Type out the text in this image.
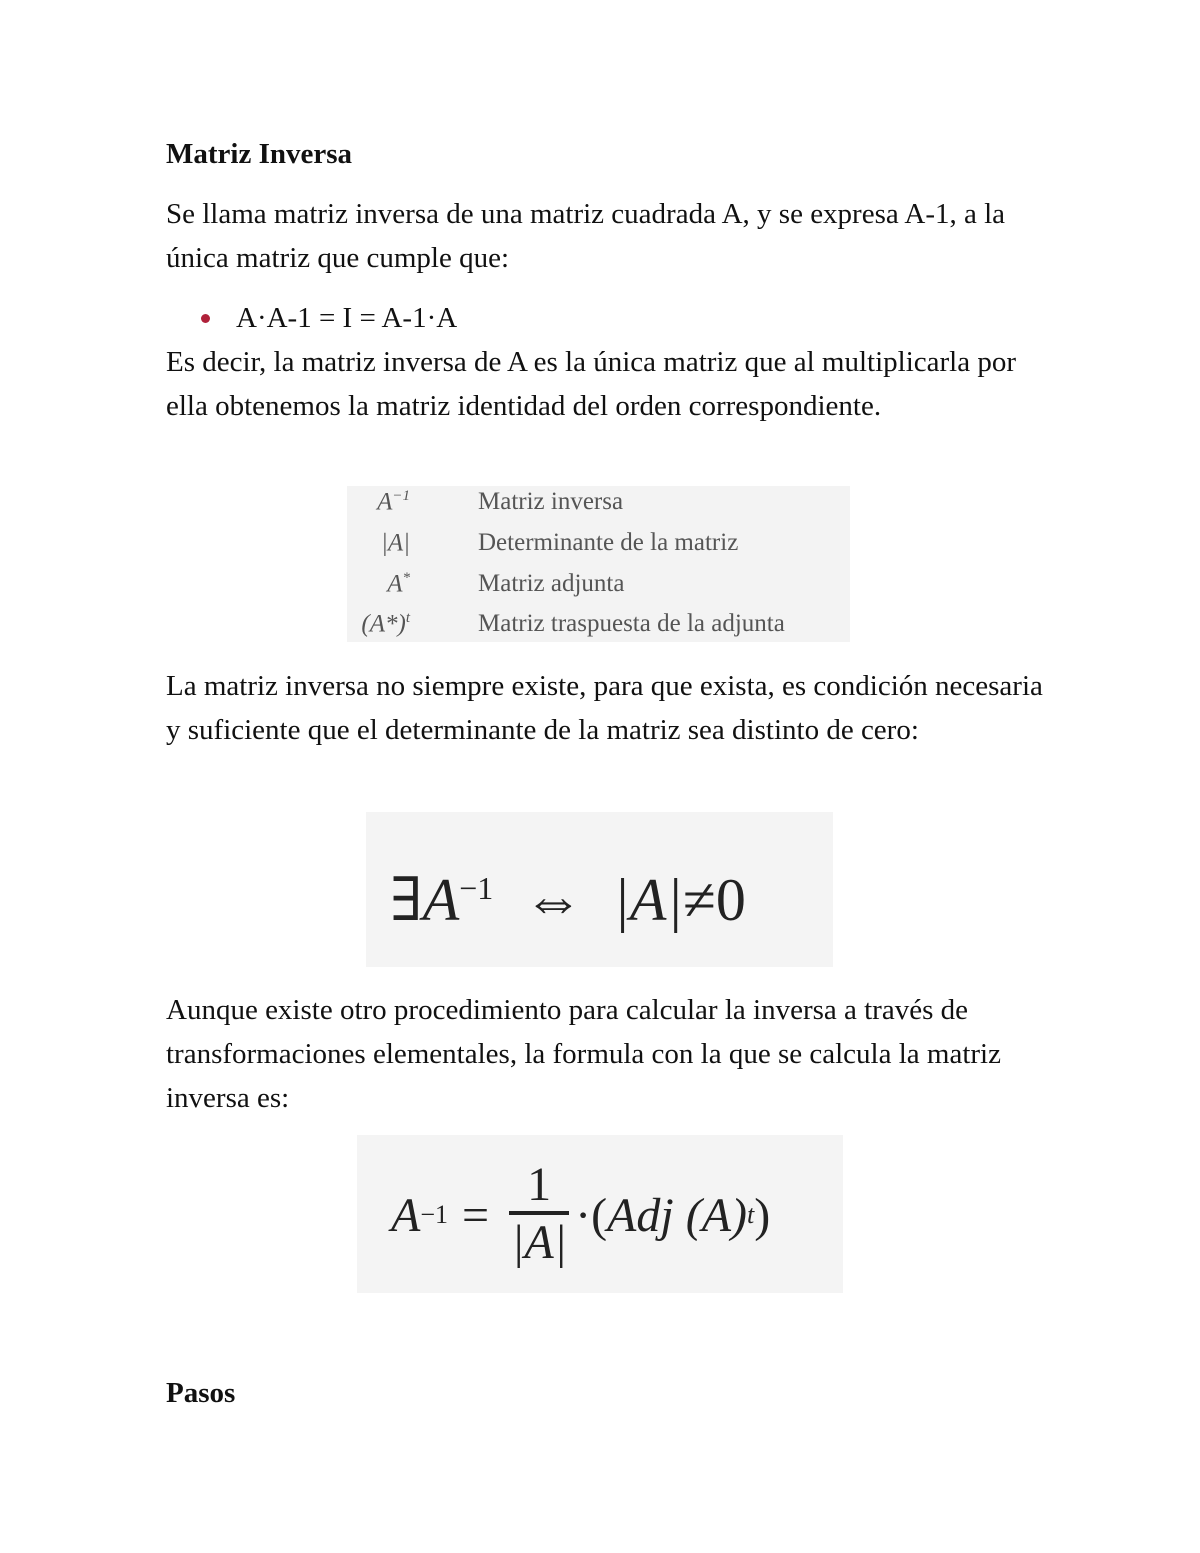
Matriz Inversa

Se llama matriz inversa de una matriz cuadrada A, y se expresa A-1, a la única matriz que cumple que:

A·A-1 = I = A-1·A

Es decir, la matriz inversa de A es la única matriz que al multiplicarla por ella obtenemos la matriz identidad del orden correspondiente.

$A^{-1}$	Matriz inversa
|A|	Determinante de la matriz
A*	Matriz adjunta
$(A*)^t$	Matriz traspuesta de la adjunta

La matriz inversa no siempre existe, para que exista, es condición necesaria y suficiente que el determinante de la matriz sea distinto de cero:

$\exists A^{-1}$ ⇔ |A|≠0

Aunque existe otro procedimiento para calcular la inversa a través de transformaciones elementales, la formula con la que se calcula la matriz inversa es:

$A -1 = \frac{1}{|A|}$ ·( Adj
(A) t )
Pasos
